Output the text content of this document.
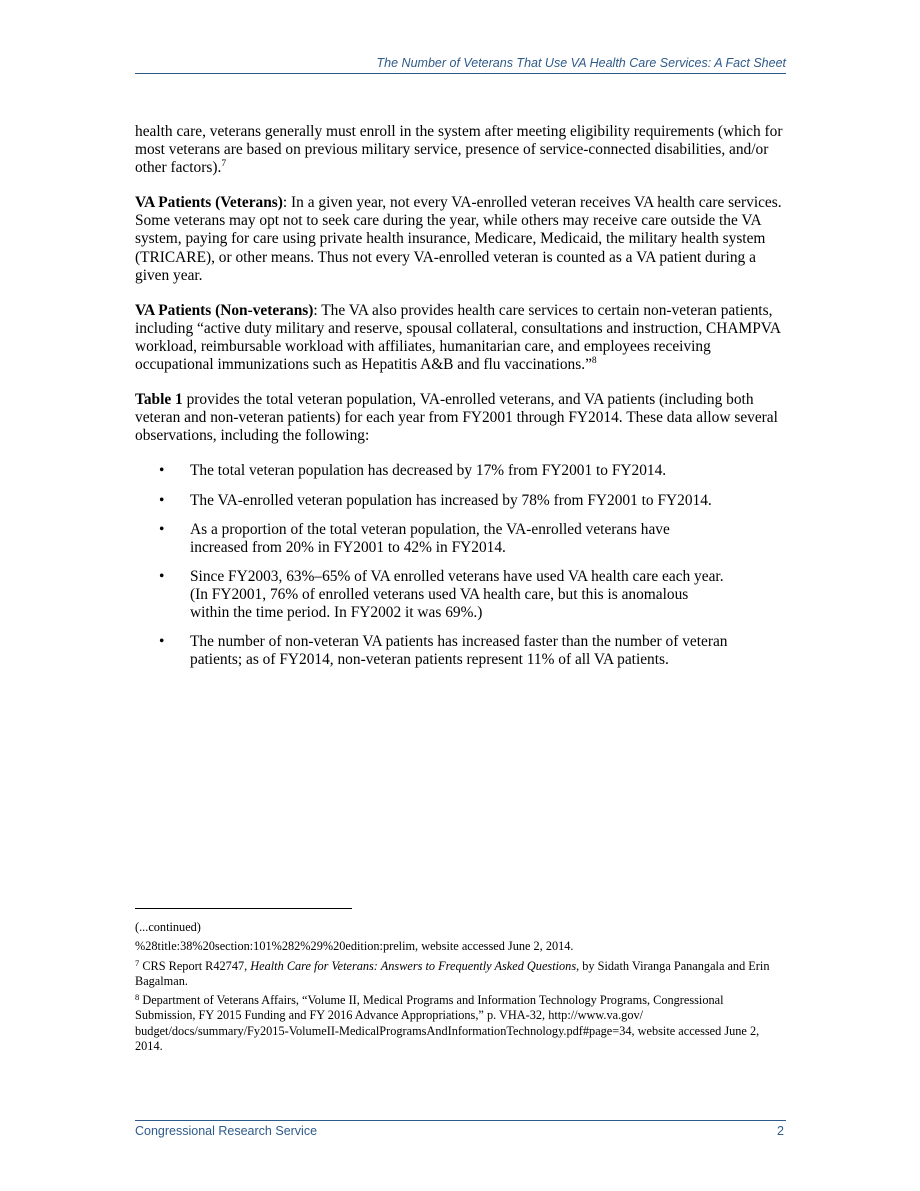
The Number of Veterans That Use VA Health Care Services: A Fact Sheet

health care, veterans generally must enroll in the system after meeting eligibility requirements (which for most veterans are based on previous military service, presence of service-connected disabilities, and/or other factors).$^7$

VA Patients (Veterans): In a given year, not every VA-enrolled veteran receives VA health care services. Some veterans may opt not to seek care during the year, while others may receive care outside the VA system, paying for care using private health insurance, Medicare, Medicaid, the military health system (TRICARE), or other means. Thus not every VA-enrolled veteran is counted as a VA patient during a given year.

VA Patients (Non-veterans): The VA also provides health care services to certain non-veteran patients, including “active duty military and reserve, spousal collateral, consultations and instruction, CHAMPVA workload, reimbursable workload with affiliates, humanitarian care, and employees receiving occupational immunizations such as Hepatitis A&B and flu vaccinations.”$^8$

Table 1 provides the total veteran population, VA-enrolled veterans, and VA patients (including both veteran and non-veteran patients) for each year from FY2001 through FY2014. These data allow several observations, including the following:

• The total veteran population has decreased by 17% from FY2001 to FY2014.
• The VA-enrolled veteran population has increased by 78% from FY2001 to FY2014.
• As a proportion of the total veteran population, the VA-enrolled veterans have increased from 20% in FY2001 to 42% in FY2014.
• Since FY2003, 63%–65% of VA enrolled veterans have used VA health care each year. (In FY2001, 76% of enrolled veterans used VA health care, but this is anomalous within the time period. In FY2002 it was 69%.)
• The number of non-veteran VA patients has increased faster than the number of veteran patients; as of FY2014, non-veteran patients represent 11% of all VA patients.

(...continued)

%28title:38%20section:101%282%29%20edition:prelim, website accessed June 2, 2014.

$^7$ CRS Report R42747, Health Care for Veterans: Answers to Frequently Asked Questions, by Sidath Viranga Panangala and Erin Bagalman.

$^8$ Department of Veterans Affairs, “Volume II, Medical Programs and Information Technology Programs, Congressional Submission, FY 2015 Funding and FY 2016 Advance Appropriations,” p. VHA-32, http://www.va.gov/ budget/docs/summary/Fy2015-VolumeII-MedicalProgramsAndInformationTechnology.pdf#page=34, website accessed June 2, 2014.

Congressional Research Service	2
